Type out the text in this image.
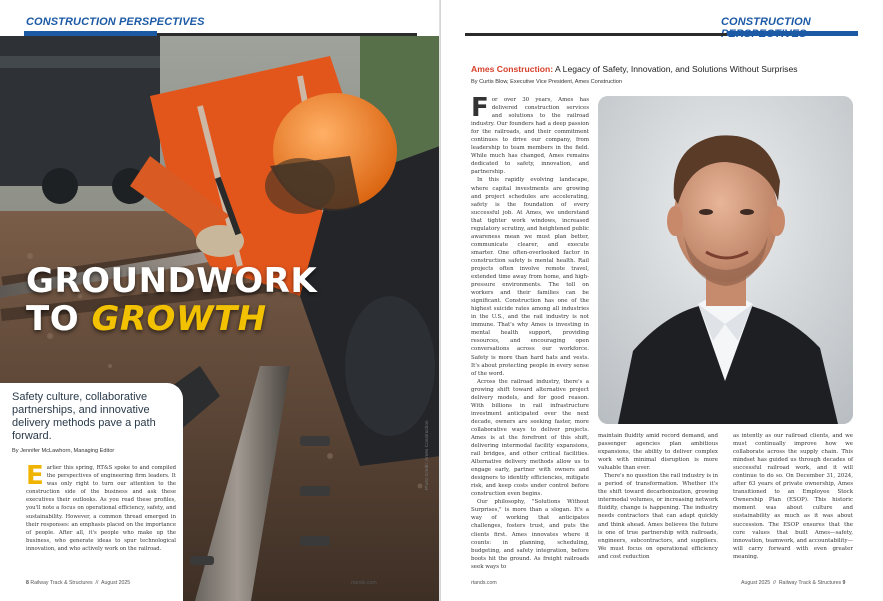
CONSTRUCTION PERSPECTIVES
GROUNDWORK
TO GROWTH
Safety culture, collaborative partnerships, and innovative delivery methods pave a path forward.
By Jennifer McLawhorn, Managing Editor
Earlier this spring, RT&S spoke to and compiled the perspectives of engineering firm leaders. It was only right to turn our attention to the construction side of the business and ask these executives their outlooks. As you read these profiles, you'll note a focus on operational efficiency, safety, and sustainability. However, a common thread emerged in their responses: an emphasis placed on the importance of people. After all, it's people who make up the business, who generate ideas to spur technological innovation, and who actively work on the railroad.
Photo Credit: Ames Construction
8 Railway Track & Structures  //  August 2025	rtands.com
CONSTRUCTION
Ames Construction: A Legacy of Safety, Innovation, and Solutions Without Surprises
By Curtis Blow, Executive Vice President, Ames Construction

For over 30 years, Ames has delivered construction services and solutions to the railroad industry. Our founders had a deep passion for the railroads, and their commitment continues to drive our company, from leadership to team members in the field. While much has changed, Ames remains dedicated to safety, innovation, and partnership.

In this rapidly evolving landscape, where capital investments are growing and project schedules are accelerating, safety is the foundation of every successful job. At Ames, we understand that tighter work windows, increased regulatory scrutiny, and heightened public awareness mean we must plan better, communicate clearer, and execute smarter. One often-overlooked factor in construction safety is mental health. Rail projects often involve remote travel, extended time away from home, and high-pressure environments. The toll on workers and their families can be significant. Construction has one of the highest suicide rates among all industries in the U.S., and the rail industry is not immune. That's why Ames is investing in mental health support, providing resources, and encouraging open conversations across our workforce. Safety is more than hard hats and vests. It's about protecting people in every sense of the word.

Across the railroad industry, there's a growing shift toward alternative project delivery models, and for good reason. With billions in rail infrastructure investment anticipated over the next decade, owners are seeking faster, more collaborative ways to deliver projects. Ames is at the forefront of this shift, delivering intermodal facility expansions, rail bridges, and other critical facilities. Alternative delivery methods allow us to engage early, partner with owners and designers to identify efficiencies, mitigate risk, and keep costs under control before construction even begins.

Our philosophy, "Solutions Without Surprises," is more than a slogan. It's a way of working that anticipates challenges, fosters trust, and puts the clients first. Ames innovates where it counts: in planning, scheduling, budgeting, and safety integration, before boots hit the ground. As freight railroads seek ways to

maintain fluidity amid record demand, and passenger agencies plan ambitious expansions, the ability to deliver complex work with minimal disruption is more valuable than ever.

There's no question the rail industry is in a period of transformation. Whether it's the shift toward decarbonization, growing intermodal volumes, or increasing network fluidity, change is happening. The industry needs contractors that can adapt quickly and think ahead. Ames believes the future is one of true partnership with railroads, engineers, subcontractors, and suppliers. We must focus on operational efficiency and cost reduction

as intently as our railroad clients, and we must continually improve how we collaborate across the supply chain. This mindset has guided us through decades of successful railroad work, and it will continue to do so. On December 31, 2024, after 63 years of private ownership, Ames transitioned to an Employee Stock Ownership Plan (ESOP). This historic moment was about culture and sustainability as much as it was about succession. The ESOP ensures that the core values that built Ames—safety, innovation, teamwork, and accountability—will carry forward with even greater meaning.

rtands.com	August 2025  //  Railway Track & Structures 9
